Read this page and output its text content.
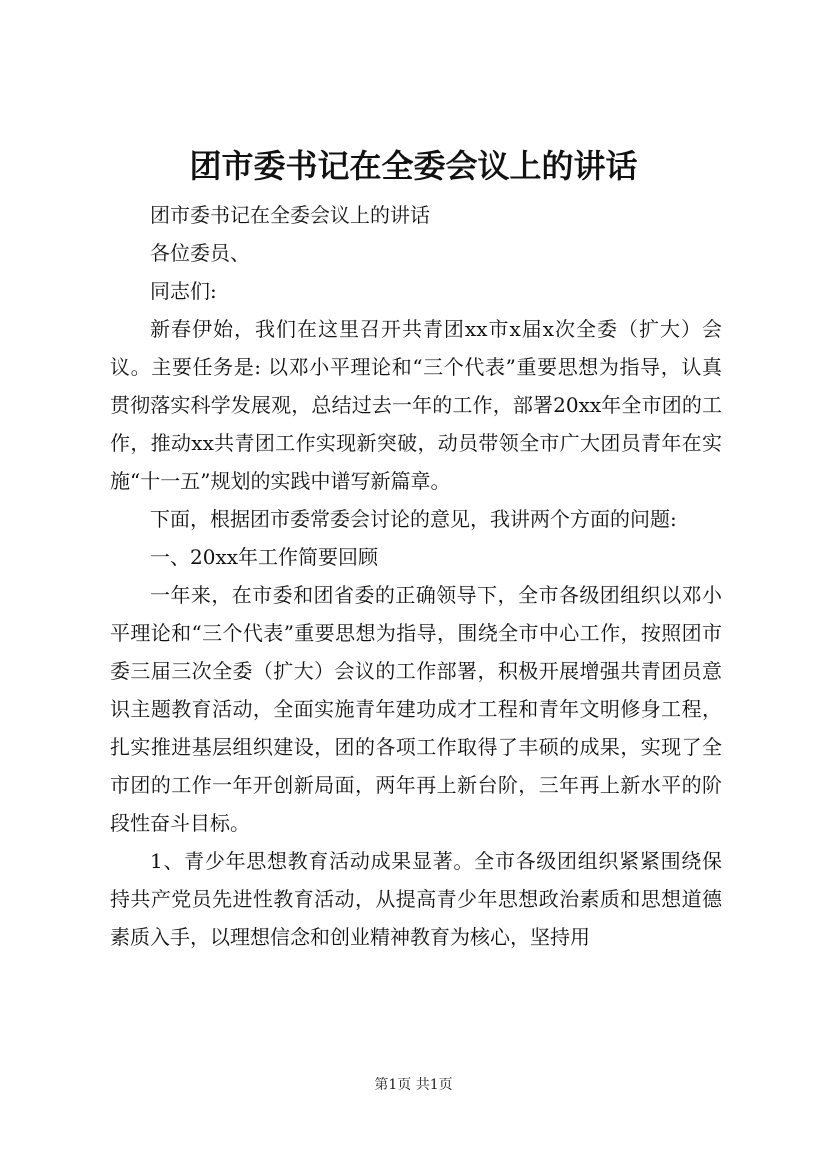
团市委书记在全委会议上的讲话

团市委书记在全委会议上的讲话

各位委员、

同志们:

新春伊始，我们在这里召开共青团xx市x届x次全委（扩大）会议。主要任务是: 以邓小平理论和“三个代表”重要思想为指导，认真贯彻落实科学发展观，总结过去一年的工作，部署20xx年全市团的工作，推动xx共青团工作实现新突破，动员带领全市广大团员青年在实施“十一五”规划的实践中谱写新篇章。

下面，根据团市委常委会讨论的意见，我讲两个方面的问题:

一、20xx年工作简要回顾

一年来，在市委和团省委的正确领导下，全市各级团组织以邓小平理论和“三个代表”重要思想为指导，围绕全市中心工作，按照团市委三届三次全委（扩大）会议的工作部署，积极开展增强共青团员意识主题教育活动，全面实施青年建功成才工程和青年文明修身工程，扎实推进基层组织建设，团的各项工作取得了丰硕的成果，实现了全市团的工作一年开创新局面，两年再上新台阶，三年再上新水平的阶段性奋斗目标。

1、青少年思想教育活动成果显著。全市各级团组织紧紧围绕保持共产党员先进性教育活动，从提高青少年思想政治素质和思想道德素质入手，以理想信念和创业精神教育为核心，坚持用

第1页 共1页
